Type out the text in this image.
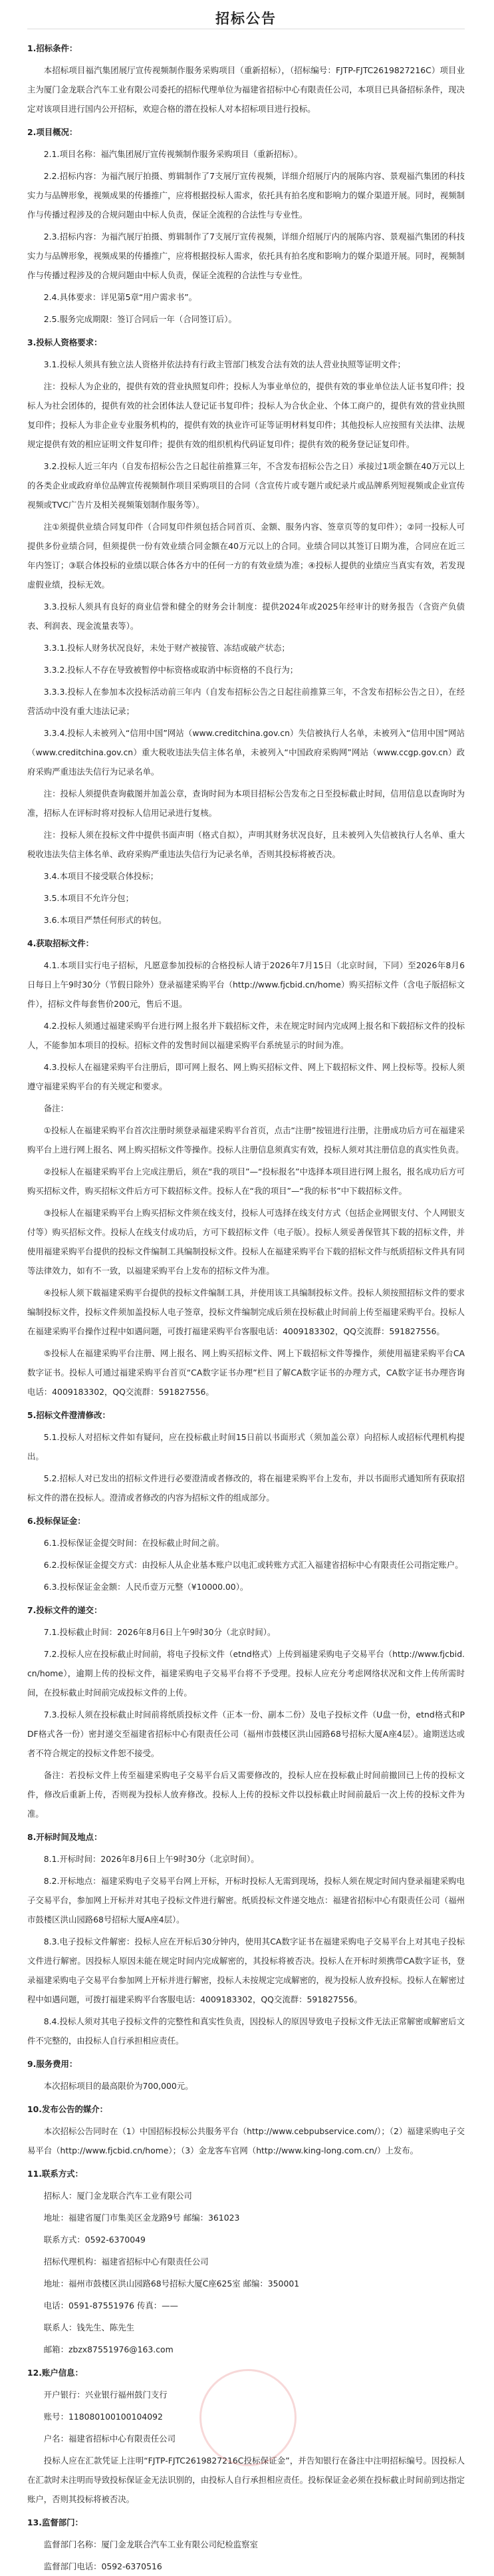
招标公告
1.招标条件：
本招标项目福汽集团展厅宣传视频制作服务采购项目（重新招标），（招标编号：FJTP-FJTC2619827216C）项目业主为厦门金龙联合汽车工业有限公司委托的招标代理单位为福建省招标中心有限责任公司，本项目已具备招标条件，现决定对该项目进行国内公开招标，欢迎合格的潜在投标人对本招标项目进行投标。
2.项目概况：
2.1.项目名称：福汽集团展厅宣传视频制作服务采购项目（重新招标）。
2.2.招标内容：为福汽展厅拍摄、剪辑制作了7支展厅宣传视频，详细介绍展厅内的展陈内容、景观福汽集团的科技实力与品牌形象，视频成果的传播推广，应将根据投标人需求，依托具有拍名度和影响力的媒介渠道开展。同时，视频制作与传播过程涉及的合规问题由中标人负责，保证全流程的合法性与专业性。
2.3.招标内容：为福汽展厅拍摄、剪辑制作了7支展厅宣传视频，详细介绍展厅内的展陈内容、景观福汽集团的科技实力与品牌形象，视频成果的传播推广，应将根据投标人需求，依托具有拍名度和影响力的媒介渠道开展。同时，视频制作与传播过程涉及的合规问题由中标人负责，保证全流程的合法性与专业性。
2.4.具体要求：详见第5章“用户需求书”。
2.5.服务完成期限：签订合同后一年（合同签订后）。
3.投标人资格要求：
3.1.投标人须具有独立法人资格并依法持有行政主管部门核发合法有效的法人营业执照等证明文件；
注：投标人为企业的，提供有效的营业执照复印件；投标人为事业单位的，提供有效的事业单位法人证书复印件；投标人为社会团体的，提供有效的社会团体法人登记证书复印件；投标人为合伙企业、个体工商户的，提供有效的营业执照复印件；投标人为非企业专业服务机构的，提供有效的执业许可证等证明材料复印件；其他投标人应按照有关法律、法规规定提供有效的相应证明文件复印件；提供有效的组织机构代码证复印件；提供有效的税务登记证复印件。
3.2.投标人近三年内（自发布招标公告之日起往前推算三年，不含发布招标公告之日）承接过1项金额在40万元以上的各类企业或政府单位品牌宣传视频制作项目采购项目的合同（含宣传片或专题片或纪录片或品牌系列短视频或企业宣传视频或TVC广告片及相关视频策划制作服务等）。
注①须提供业绩合同复印件（合同复印件须包括合同首页、金额、服务内容、签章页等的复印件）；②同一投标人可提供多份业绩合同，但须提供一份有效业绩合同金额在40万元以上的合同。业绩合同以其签订日期为准，合同应在近三年内签订；③联合体投标的业绩以联合体各方中的任何一方的有效业绩为准；④投标人提供的业绩应当真实有效，若发现虚假业绩，投标无效。
3.3.投标人须具有良好的商业信誉和健全的财务会计制度：提供2024年或2025年经审计的财务报告（含资产负债表、利润表、现金流量表等）。
3.3.1.投标人财务状况良好，未处于财产被接管、冻结或破产状态；
3.3.2.投标人不存在导致被暂停中标资格或取消中标资格的不良行为；
3.3.3.投标人在参加本次投标活动前三年内（自发布招标公告之日起往前推算三年，不含发布招标公告之日），在经营活动中没有重大违法记录；
3.3.4.投标人未被列入“信用中国”网站（www.creditchina.gov.cn）失信被执行人名单，未被列入“信用中国”网站（www.creditchina.gov.cn）重大税收违法失信主体名单，未被列入“中国政府采购网”网站（www.ccgp.gov.cn）政府采购严重违法失信行为记录名单。
注：投标人须提供查询截图并加盖公章，查询时间为本项目招标公告发布之日至投标截止时间，信用信息以查询时为准，招标人在评标时将对投标人信用记录进行复核。
注：投标人须在投标文件中提供书面声明（格式自拟），声明其财务状况良好，且未被列入失信被执行人名单、重大税收违法失信主体名单、政府采购严重违法失信行为记录名单，否则其投标将被否决。
3.4.本项目不接受联合体投标；
3.5.本项目不允许分包；
3.6.本项目严禁任何形式的转包。
4.获取招标文件：
4.1.本项目实行电子招标，凡愿意参加投标的合格投标人请于2026年7月15日（北京时间，下同）至2026年8月6日每日上午9时30分（节假日除外）登录福建采购平台（http://www.fjcbid.cn/home）购买招标文件（含电子版招标文件），招标文件每套售价200元，售后不退。
4.2.投标人须通过福建采购平台进行网上报名并下载招标文件，未在规定时间内完成网上报名和下载招标文件的投标人，不能参加本项目的投标。招标文件的发售时间以福建采购平台系统显示的时间为准。
4.3.投标人在福建采购平台注册后，即可网上报名、网上购买招标文件、网上下载招标文件、网上投标等。投标人须遵守福建采购平台的有关规定和要求。
备注：
①投标人在福建采购平台首次注册时须登录福建采购平台首页，点击“注册”按钮进行注册，注册成功后方可在福建采购平台上进行网上报名、网上购买招标文件等操作。投标人注册信息须真实有效，投标人须对其注册信息的真实性负责。
②投标人在福建采购平台上完成注册后，须在“我的项目”—“投标报名”中选择本项目进行网上报名，报名成功后方可购买招标文件，购买招标文件后方可下载招标文件。投标人在“我的项目”—“我的标书”中下载招标文件。
③投标人在福建采购平台上购买招标文件须在线支付，投标人可选择在线支付方式（包括企业网银支付、个人网银支付等）购买招标文件。投标人在线支付成功后，方可下载招标文件（电子版）。投标人须妥善保管其下载的招标文件，并使用福建采购平台提供的投标文件编制工具编制投标文件。投标人在福建采购平台下载的招标文件与纸质招标文件具有同等法律效力，如有不一致，以福建采购平台上发布的招标文件为准。
④投标人须下载福建采购平台提供的投标文件编制工具，并使用该工具编制投标文件。投标人须按照招标文件的要求编制投标文件，投标文件须加盖投标人电子签章，投标文件编制完成后须在投标截止时间前上传至福建采购平台。投标人在福建采购平台操作过程中如遇问题，可拨打福建采购平台客服电话：4009183302，QQ交流群：591827556。
⑤投标人在福建采购平台注册、网上报名、网上购买招标文件、网上下载招标文件等操作，须使用福建采购平台CA数字证书。投标人可通过福建采购平台首页“CA数字证书办理”栏目了解CA数字证书的办理方式，CA数字证书办理咨询电话：4009183302，QQ交流群：591827556。
5.招标文件澄清修改：
5.1.投标人对招标文件如有疑问，应在投标截止时间15日前以书面形式（须加盖公章）向招标人或招标代理机构提出。
5.2.招标人对已发出的招标文件进行必要澄清或者修改的，将在福建采购平台上发布，并以书面形式通知所有获取招标文件的潜在投标人。澄清或者修改的内容为招标文件的组成部分。
6.投标保证金：
6.1.投标保证金提交时间：在投标截止时间之前。
6.2.投标保证金提交方式：由投标人从企业基本账户以电汇或转账方式汇入福建省招标中心有限责任公司指定账户。
6.3.投标保证金金额：人民币壹万元整（¥10000.00）。
7.投标文件的递交：
7.1.投标截止时间：2026年8月6日上午9时30分（北京时间）。
7.2.投标人应在投标截止时间前，将电子投标文件（etnd格式）上传到福建采购电子交易平台（http://www.fjcbid.cn/home），逾期上传的投标文件，福建采购电子交易平台将不予受理。投标人应充分考虑网络状况和文件上传所需时间，在投标截止时间前完成投标文件的上传。
7.3.投标人须在投标截止时间前将纸质投标文件（正本一份、副本二份）及电子投标文件（U盘一份，etnd格式和PDF格式各一份）密封递交至福建省招标中心有限责任公司（福州市鼓楼区洪山园路68号招标大厦A座4层）。逾期送达或者不符合规定的投标文件恕不接受。
备注：若投标文件上传至福建采购电子交易平台后又需要修改的，投标人应在投标截止时间前撤回已上传的投标文件，修改后重新上传，否则视为投标人放弃修改。投标人上传的投标文件以投标截止时间前最后一次上传的投标文件为准。
8.开标时间及地点：
8.1.开标时间：2026年8月6日上午9时30分（北京时间）。
8.2.开标地点：福建采购电子交易平台网上开标，开标时投标人无需到现场，投标人须在规定时间内登录福建采购电子交易平台，参加网上开标并对其电子投标文件进行解密。纸质投标文件递交地点：福建省招标中心有限责任公司（福州市鼓楼区洪山园路68号招标大厦A座4层）。
8.3.电子投标文件解密：投标人应在开标后30分钟内，使用其CA数字证书在福建采购电子交易平台上对其电子投标文件进行解密。因投标人原因未能在规定时间内完成解密的，其投标将被否决。投标人在开标时须携带CA数字证书，登录福建采购电子交易平台参加网上开标并进行解密，投标人未按规定完成解密的，视为投标人放弃投标。投标人在解密过程中如遇问题，可拨打福建采购平台客服电话：4009183302，QQ交流群：591827556。
8.4.投标人须对其电子投标文件的完整性和真实性负责，因投标人的原因导致电子投标文件无法正常解密或解密后文件不完整的，由投标人自行承担相应责任。
9.服务费用：
本次招标项目的最高限价为700,000元。
10.发布公告的媒介：
本次招标公告同时在（1）中国招标投标公共服务平台（http://www.cebpubservice.com/）；（2）福建采购电子交易平台（http://www.fjcbid.cn/home）；（3）金龙客车官网（http://www.king-long.com.cn/）上发布。
11.联系方式：
招标人：厦门金龙联合汽车工业有限公司
地址：福建省厦门市集美区金龙路9号 邮编：361023
联系方式：0592-6370049
招标代理机构：福建省招标中心有限责任公司
地址：福州市鼓楼区洪山园路68号招标大厦C座625室 邮编：350001
电话：0591-87551976 传真：——
联系人：钱先生、陈先生
邮箱：zbzx87551976@163.com
12.账户信息：
开户银行：兴业银行福州鼓门支行
账号：118080100100104092
户名：福建省招标中心有限责任公司
投标人应在汇款凭证上注明“FJTP-FJTC2619827216C投标保证金”，并告知银行在备注中注明招标编号。因投标人在汇款时未注明而导致投标保证金无法识别的，由投标人自行承担相应责任。投标保证金必须在投标截止时间前到达指定账户，否则其投标将被否决。
13.监督部门：
监督部门名称：厦门金龙联合汽车工业有限公司纪检监察室
监督部门电话：0592-6370516
